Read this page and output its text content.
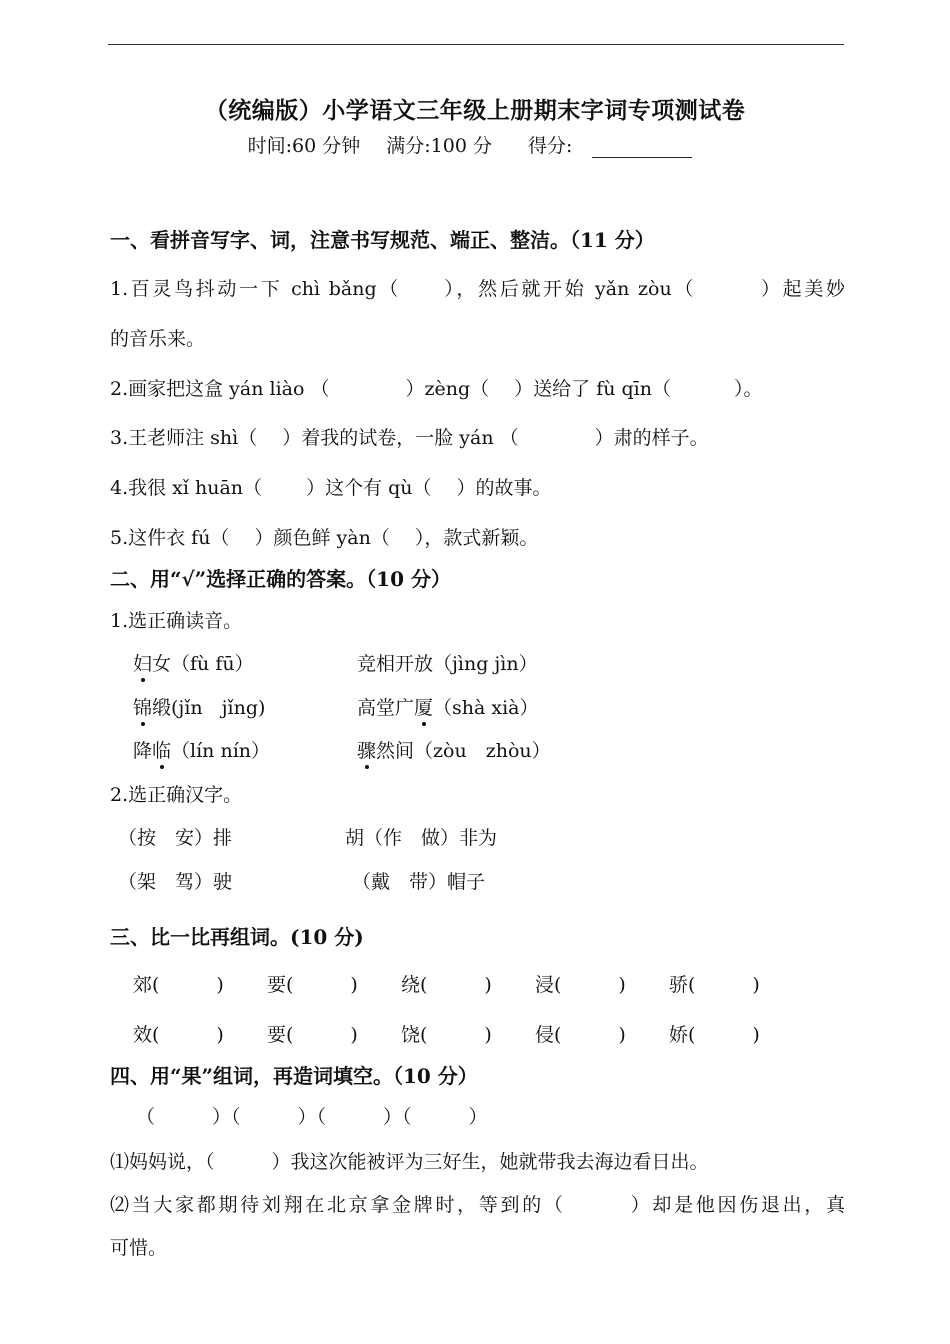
（统编版）小学语文三年级上册期末字词专项测试卷
时间:60 分钟 满分:100 分 得分:
一、看拼音写字、词，注意书写规范、端正、整洁。（11 分）
1.百灵鸟抖动一下 chì bǎng（　　），然后就开始 yǎn zòu（　　　）起美妙
的音乐来。
2.画家把这盒 yán liào （　　　　）zèng（　 ）送给了 fù qīn（　　　 ）。
3.王老师注 shì（　 ）着我的试卷，一脸 yán （　　　　）肃的样子。
4.我很 xǐ huān（　　 ）这个有 qù（　 ）的故事。
5.这件衣 fú（　 ）颜色鲜 yàn（　 ），款式新颖。
二、用“√”选择正确的答案。（10 分）
1.选正确读音。
妇女（fù fū）	竞相开放（jìng jìn）
锦缎(jǐn　jǐng)	高堂广厦（shà xià）
降临（lín nín）	骤然间（zòu　zhòu）
2.选正确汉字。
（按　安）排	胡（作　做）非为
（架　驾）驶	（戴　带）帽子
三、比一比再组词。(10 分)
郊(　　　) 要(　　　) 绕(　　　) 浸(　　　) 骄(　　　)
效(　　　) 要(　　　) 饶(　　　) 侵(　　　) 娇(　　　)
四、用“果”组词，再造词填空。（10 分）
（　　　）（　　　）（　　　）（　　　）
⑴妈妈说，（　　　）我这次能被评为三好生，她就带我去海边看日出。
⑵当大家都期待刘翔在北京拿金牌时，等到的（　　　）却是他因伤退出，真
可惜。
